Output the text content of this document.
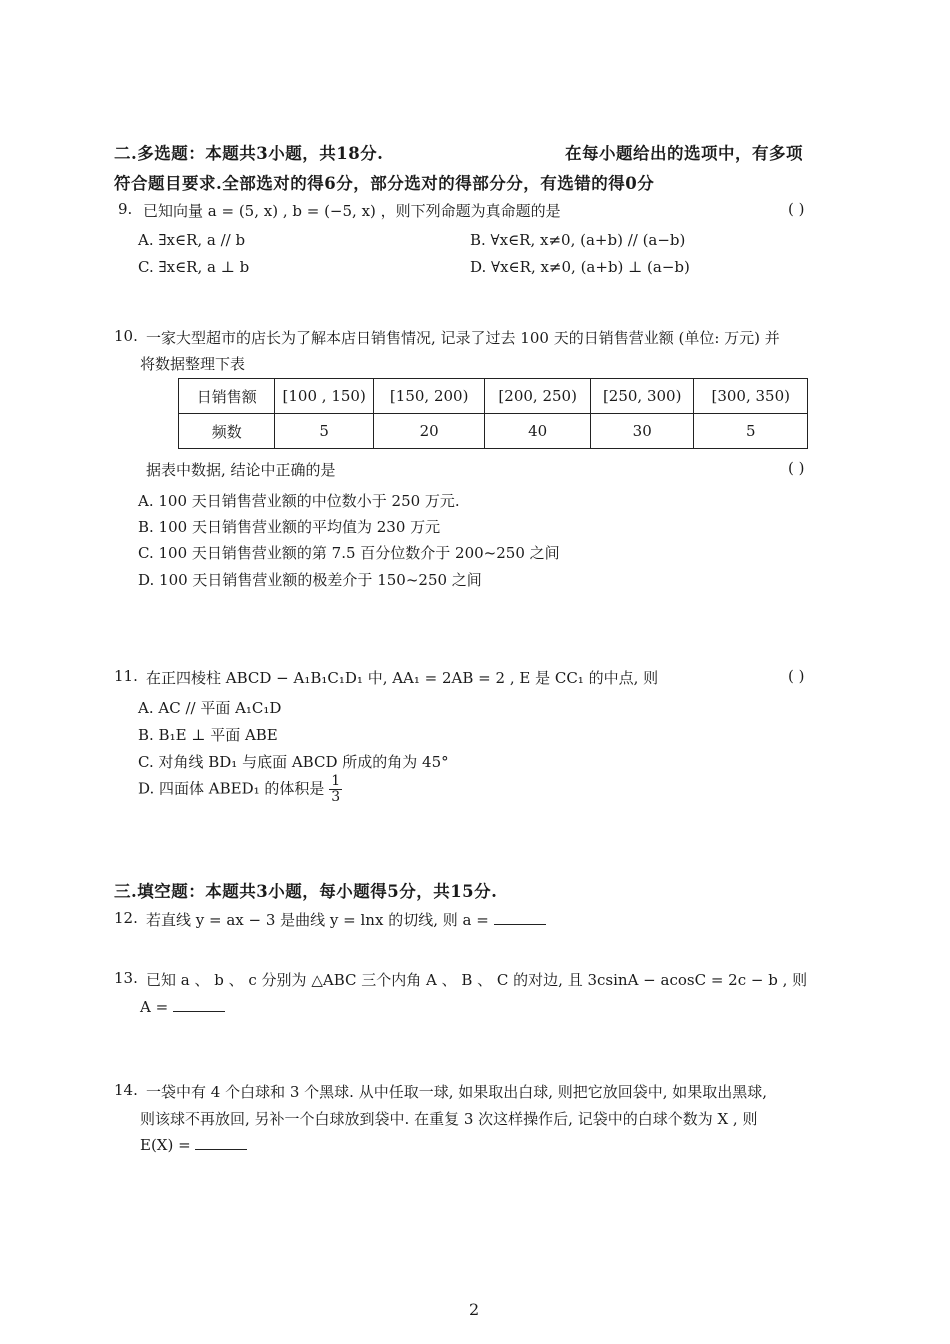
二.多选题：本题共3小题，共18分.	在每小题给出的选项中，有多项
符合题目要求.全部选对的得6分，部分选对的得部分分，有选错的得0分
9. 已知向量 a = (5, x) , b = (−5, x) ，则下列命题为真命题的是	( )
A. ∃x∈R, a // b	B. ∀x∈R, x≠0, (a+b) // (a−b)
C. ∃x∈R, a ⊥ b	D. ∀x∈R, x≠0, (a+b) ⊥ (a−b)
10. 一家大型超市的店长为了解本店日销售情况, 记录了过去 100 天的日销售营业额 (单位: 万元) 并
将数据整理下表
日销售额	[100 , 150)	[150, 200)	[200, 250)	[250, 300)	[300, 350)
频数	5	20	40	30	5
据表中数据, 结论中正确的是	( )
A. 100 天日销售营业额的中位数小于 250 万元.
B. 100 天日销售营业额的平均值为 230 万元
C. 100 天日销售营业额的第 7.5 百分位数介于 200~250 之间
D. 100 天日销售营业额的极差介于 150~250 之间
11. 在正四棱柱 ABCD − A₁B₁C₁D₁ 中, AA₁ = 2AB = 2 , E 是 CC₁ 的中点, 则	( )
A. AC // 平面 A₁C₁D
B. B₁E ⊥ 平面 ABE
C. 对角线 BD₁ 与底面 ABCD 所成的角为 45°
D. 四面体 ABED₁ 的体积是 $\frac{1}{3}$
三.填空题：本题共3小题，每小题得5分，共15分.
12. 若直线 y = ax − 3 是曲线 y = lnx 的切线, 则 a =
13. 已知 a 、 b 、 c 分别为 △ABC 三个内角 A 、 B 、 C 的对边, 且 3csinA − acosC = 2c − b , 则
A =
14. 一袋中有 4 个白球和 3 个黑球. 从中任取一球, 如果取出白球, 则把它放回袋中, 如果取出黑球,
则该球不再放回, 另补一个白球放到袋中. 在重复 3 次这样操作后, 记袋中的白球个数为 X , 则
E(X) =
2
